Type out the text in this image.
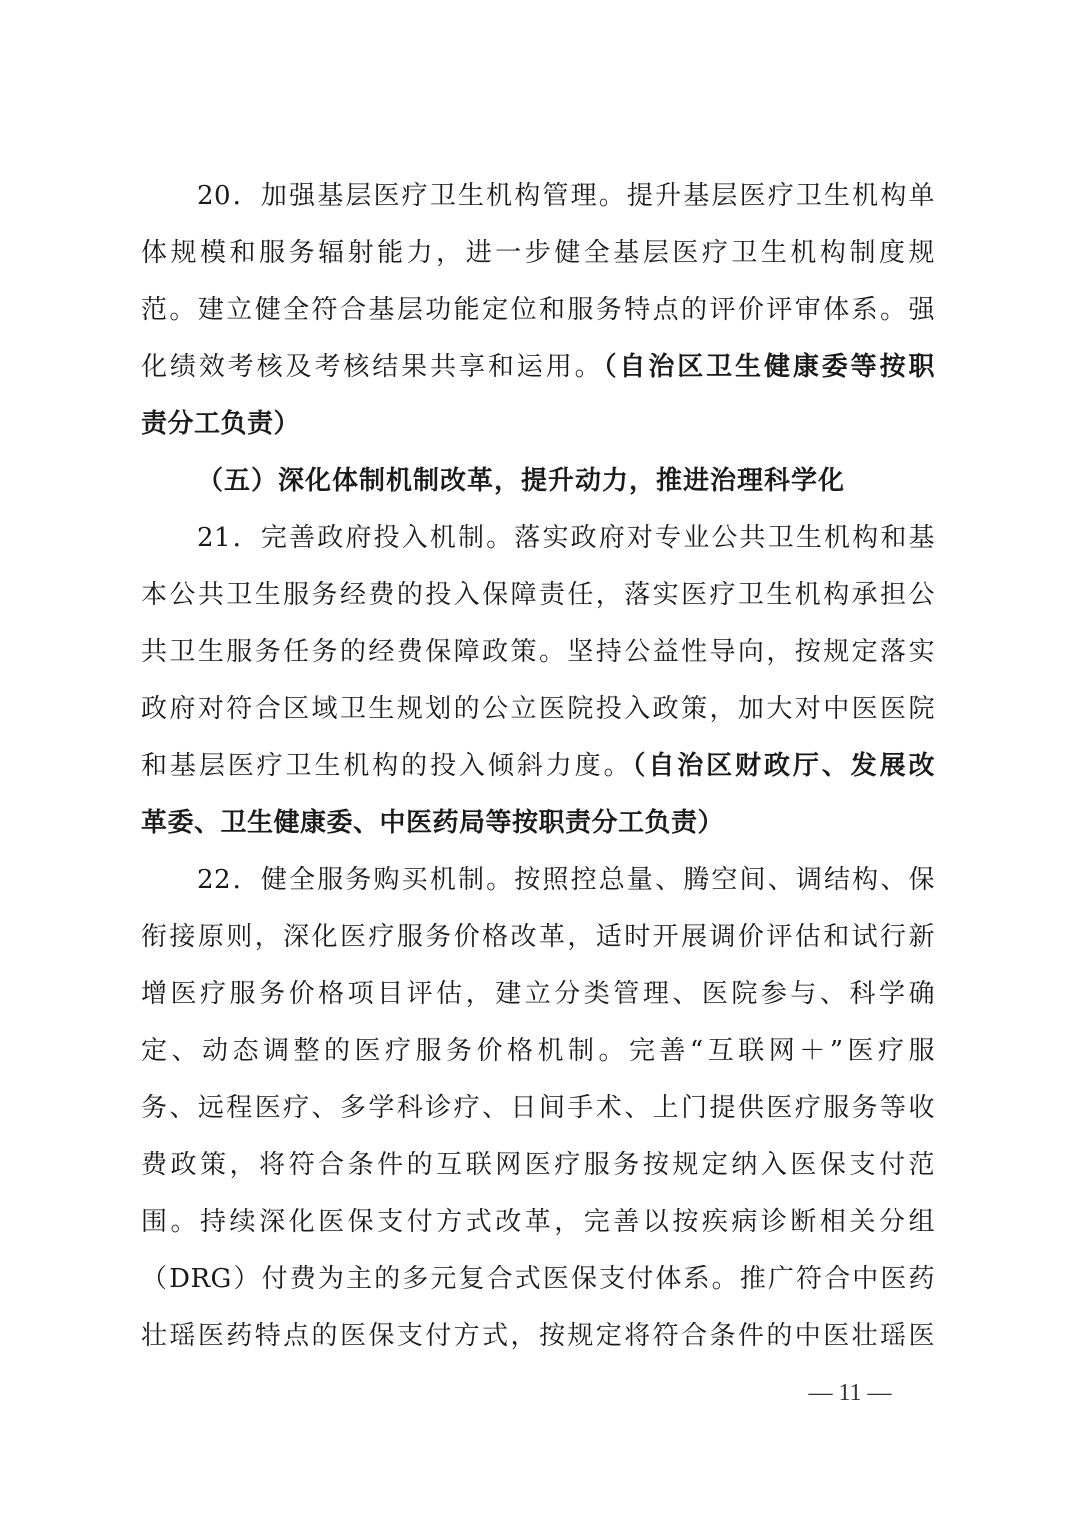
20．加强基层医疗卫生机构管理。提升基层医疗卫生机构单
体规模和服务辐射能力，进一步健全基层医疗卫生机构制度规
范。建立健全符合基层功能定位和服务特点的评价评审体系。强
化绩效考核及考核结果共享和运用。（自治区卫生健康委等按职
责分工负责）
（五）深化体制机制改革，提升动力，推进治理科学化
21．完善政府投入机制。落实政府对专业公共卫生机构和基
本公共卫生服务经费的投入保障责任，落实医疗卫生机构承担公
共卫生服务任务的经费保障政策。坚持公益性导向，按规定落实
政府对符合区域卫生规划的公立医院投入政策，加大对中医医院
和基层医疗卫生机构的投入倾斜力度。（自治区财政厅、发展改
革委、卫生健康委、中医药局等按职责分工负责）
22．健全服务购买机制。按照控总量、腾空间、调结构、保
衔接原则，深化医疗服务价格改革，适时开展调价评估和试行新
增医疗服务价格项目评估，建立分类管理、医院参与、科学确
定、动态调整的医疗服务价格机制。完善“互联网＋”医疗服
务、远程医疗、多学科诊疗、日间手术、上门提供医疗服务等收
费政策，将符合条件的互联网医疗服务按规定纳入医保支付范
围。持续深化医保支付方式改革，完善以按疾病诊断相关分组
（DRG）付费为主的多元复合式医保支付体系。推广符合中医药
壮瑶医药特点的医保支付方式，按规定将符合条件的中医壮瑶医
— 11 —
